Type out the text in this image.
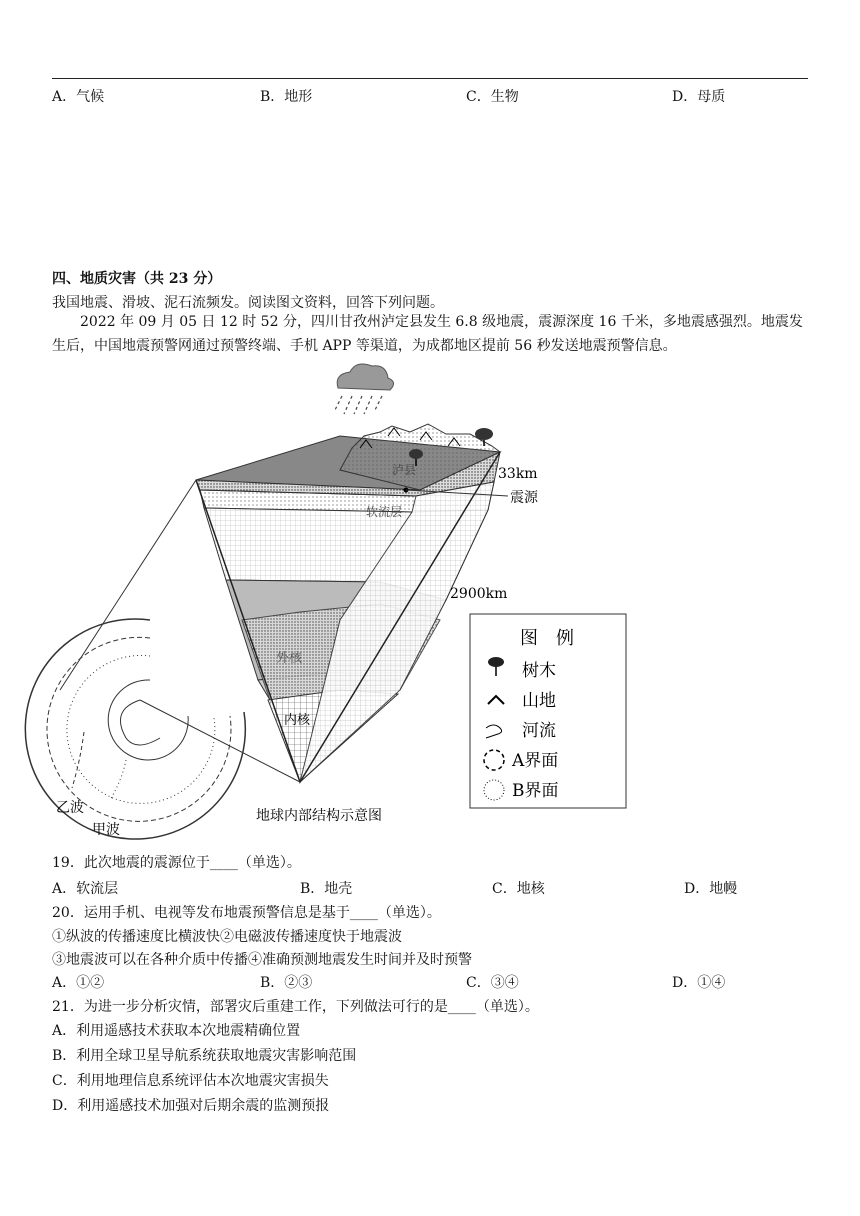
A．气候	B．地形	C．生物	D．母质
四、地质灾害（共 23 分）
我国地震、滑坡、泥石流频发。阅读图文资料，回答下列问题。
2022 年 09 月 05 日 12 时 52 分，四川甘孜州泸定县发生 6.8 级地震，震源深度 16 千米，多地震感强烈。地震发生后，中国地震预警网通过预警终端、手机 APP 等渠道，为成都地区提前 56 秒发送地震预警信息。
泸县
软流层
33km
震源
2900km
外核
内核
乙波
甲波
地球内部结构示意图
图　例
树木
山地
河流
A界面
B界面
19．此次地震的震源位于____（单选）。
A．软流层	B．地壳	C．地核	D．地幔
20．运用手机、电视等发布地震预警信息是基于____（单选）。
①纵波的传播速度比横波快②电磁波传播速度快于地震波
③地震波可以在各种介质中传播④准确预测地震发生时间并及时预警
A．①②	B．②③	C．③④	D．①④
21．为进一步分析灾情，部署灾后重建工作，下列做法可行的是____（单选）。
A．利用遥感技术获取本次地震精确位置
B．利用全球卫星导航系统获取地震灾害影响范围
C．利用地理信息系统评估本次地震灾害损失
D．利用遥感技术加强对后期余震的监测预报
